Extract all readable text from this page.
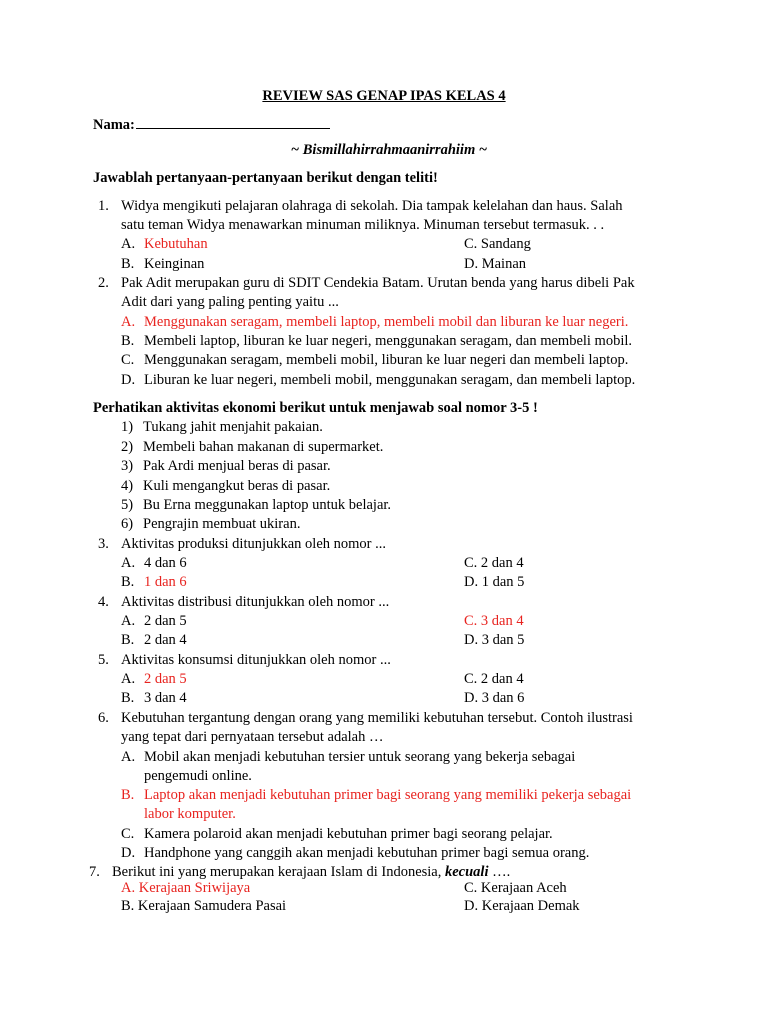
REVIEW SAS GENAP IPAS KELAS 4
Nama:
~ Bismillahirrahmaanirrahiim ~
Jawablah pertanyaan-pertanyaan berikut dengan teliti!
1. Widya mengikuti pelajaran olahraga di sekolah. Dia tampak kelelahan dan haus. Salah
satu teman Widya menawarkan minuman miliknya. Minuman tersebut termasuk. . .
A. Kebutuhan	C. Sandang
B. Keinginan	D. Mainan
2. Pak Adit merupakan guru di SDIT Cendekia Batam. Urutan benda yang harus dibeli Pak
Adit dari yang paling penting yaitu ...
A. Menggunakan seragam, membeli laptop, membeli mobil dan liburan ke luar negeri.
B. Membeli laptop, liburan ke luar negeri, menggunakan seragam, dan membeli mobil.
C. Menggunakan seragam, membeli mobil, liburan ke luar negeri dan membeli laptop.
D. Liburan ke luar negeri, membeli mobil, menggunakan seragam, dan membeli laptop.
Perhatikan aktivitas ekonomi berikut untuk menjawab soal nomor 3-5 !
1) Tukang jahit menjahit pakaian.
2) Membeli bahan makanan di supermarket.
3) Pak Ardi menjual beras di pasar.
4) Kuli mengangkut beras di pasar.
5) Bu Erna meggunakan laptop untuk belajar.
6) Pengrajin membuat ukiran.
3. Aktivitas produksi ditunjukkan oleh nomor ...
A. 4 dan 6	C. 2 dan 4
B. 1 dan 6	D. 1 dan 5
4. Aktivitas distribusi ditunjukkan oleh nomor ...
A. 2 dan 5	C. 3 dan 4
B. 2 dan 4	D. 3 dan 5
5. Aktivitas konsumsi ditunjukkan oleh nomor ...
A. 2 dan 5	C. 2 dan 4
B. 3 dan 4	D. 3 dan 6
6. Kebutuhan tergantung dengan orang yang memiliki kebutuhan tersebut. Contoh ilustrasi
yang tepat dari pernyataan tersebut adalah …
A. Mobil akan menjadi kebutuhan tersier untuk seorang yang bekerja sebagai
pengemudi online.
B. Laptop akan menjadi kebutuhan primer bagi seorang yang memiliki pekerja sebagai
labor komputer.
C. Kamera polaroid akan menjadi kebutuhan primer bagi seorang pelajar.
D. Handphone yang canggih akan menjadi kebutuhan primer bagi semua orang.
7. Berikut ini yang merupakan kerajaan Islam di Indonesia, kecuali ….
A. Kerajaan Sriwijaya	C. Kerajaan Aceh
B. Kerajaan Samudera Pasai	D. Kerajaan Demak
